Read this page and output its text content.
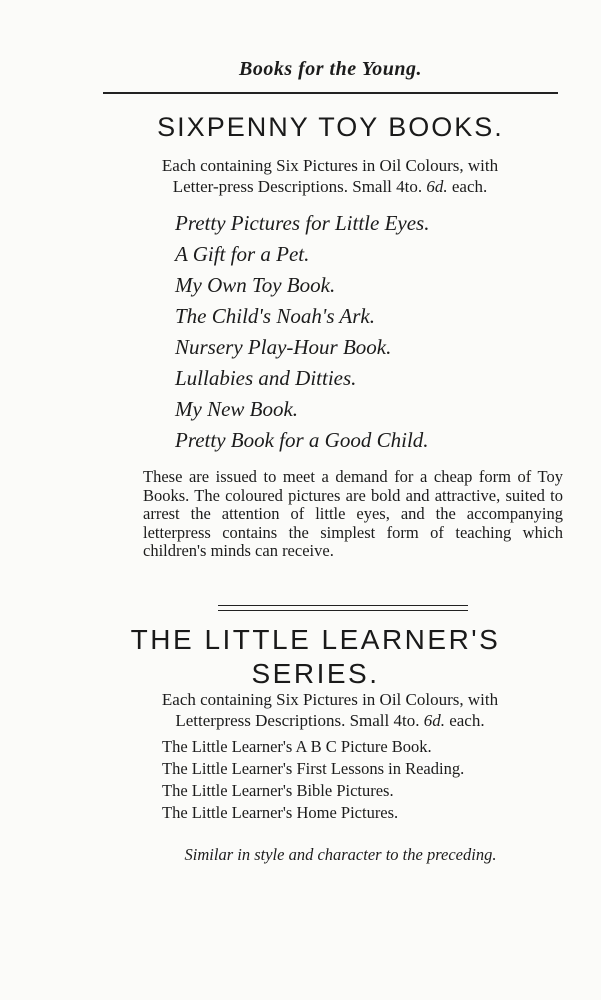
Books for the Young.
SIXPENNY TOY BOOKS.

Each containing Six Pictures in Oil Colours, with
Letter-press Descriptions. Small 4to. 6d. each.

Pretty Pictures for Little Eyes.
A Gift for a Pet.
My Own Toy Book.
The Child's Noah's Ark.
Nursery Play-Hour Book.
Lullabies and Ditties.
My New Book.
Pretty Book for a Good Child.

These are issued to meet a demand for a cheap form of Toy Books. The coloured pictures are bold and attractive, suited to arrest the attention of little eyes, and the accompanying letterpress contains the simplest form of teaching which children's minds can receive.

THE LITTLE LEARNER'S
SERIES.

Each containing Six Pictures in Oil Colours, with
Letterpress Descriptions. Small 4to. 6d. each.

The Little Learner's A B C Picture Book.
The Little Learner's First Lessons in Reading.
The Little Learner's Bible Pictures.
The Little Learner's Home Pictures.
Similar in style and character to the preceding.
